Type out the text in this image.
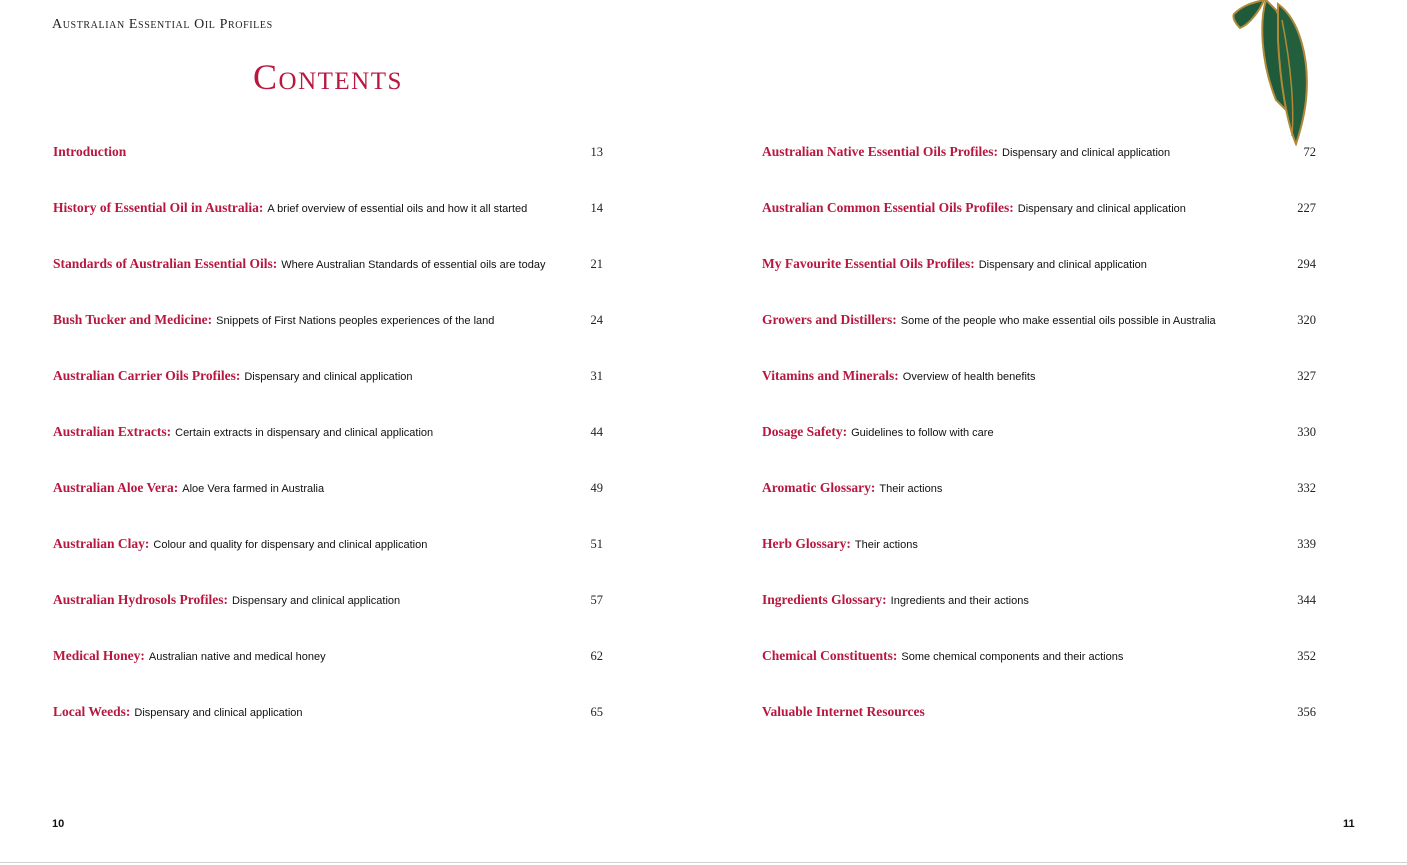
Australian Essential Oil Profiles
Contents
Introduction	13
History of Essential Oil in Australia: A brief overview of essential oils and how it all started	14
Standards of Australian Essential Oils: Where Australian Standards of essential oils are today	21
Bush Tucker and Medicine: Snippets of First Nations peoples experiences of the land	24
Australian Carrier Oils Profiles: Dispensary and clinical application	31
Australian Extracts: Certain extracts in dispensary and clinical application	44
Australian Aloe Vera: Aloe Vera farmed in Australia	49
Australian Clay: Colour and quality for dispensary and clinical application	51
Australian Hydrosols Profiles: Dispensary and clinical application	57
Medical Honey: Australian native and medical honey	62
Local Weeds: Dispensary and clinical application	65
Australian Native Essential Oils Profiles: Dispensary and clinical application	72
Australian Common Essential Oils Profiles: Dispensary and clinical application	227
My Favourite Essential Oils Profiles: Dispensary and clinical application	294
Growers and Distillers: Some of the people who make essential oils possible in Australia	320
Vitamins and Minerals: Overview of health benefits	327
Dosage Safety: Guidelines to follow with care	330
Aromatic Glossary: Their actions	332
Herb Glossary: Their actions	339
Ingredients Glossary: Ingredients and their actions	344
Chemical Constituents: Some chemical components and their actions	352
Valuable Internet Resources	356
10	11
